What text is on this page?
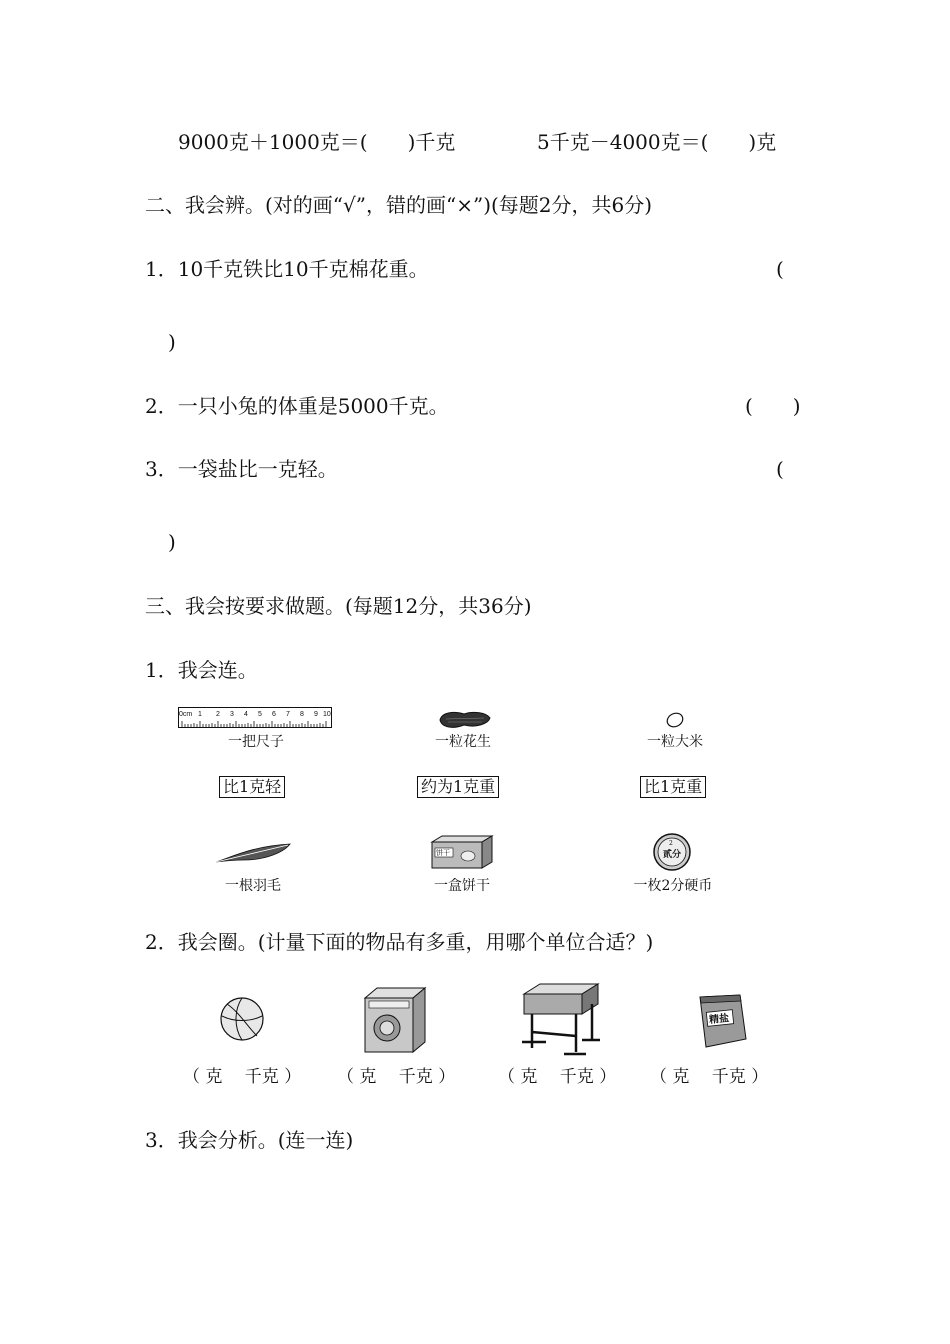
9000克＋1000克＝(　　)千克	5千克－4000克＝(　　)克
二、我会辨。(对的画“√”，错的画“×”)(每题2分，共6分)
1．10千克铁比10千克棉花重。	(
)
2．一只小兔的体重是5000千克。	(　　)
3．一袋盐比一克轻。	(
)
三、我会按要求做题。(每题12分，共36分)
1．我会连。
0cm 1 2 3 4 5 6 7 8 9 10
一把尺子	一粒花生	一粒大米
比1克轻	约为1克重	比1克重
一根羽毛
饼干
一盒饼干
2
贰分
一枚2分硬币
2．我会圈。(计量下面的物品有多重，用哪个单位合适？)
精盐
（ 克　 千克 ） （ 克　 千克 ）	（ 克　 千克 ） （ 克　 千克 ）
3．我会分析。(连一连)
